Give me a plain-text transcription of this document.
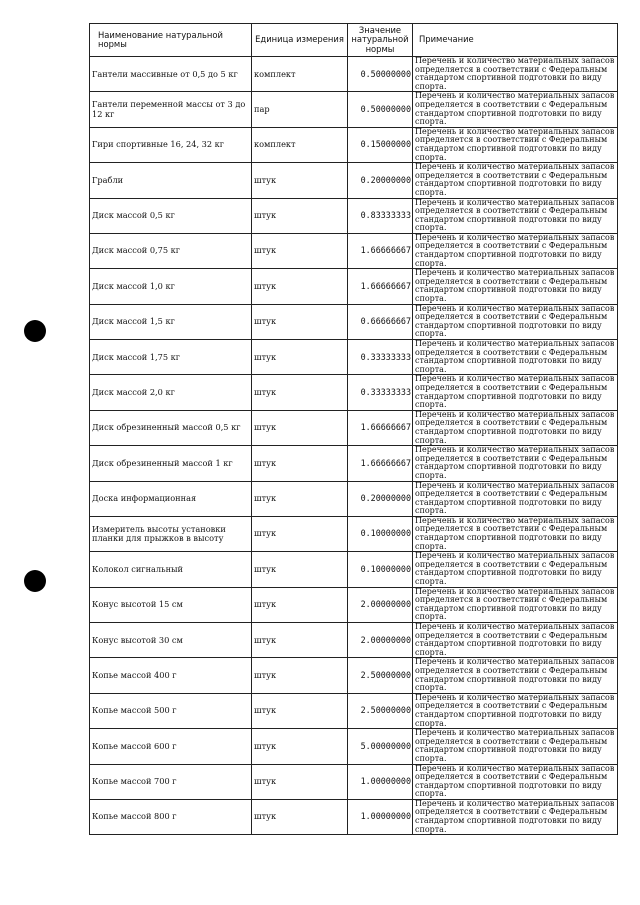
Наименование натуральной нормы	Единица измерения	Значение натуральной нормы	Примечание
Гантели массивные от 0,5 до 5 кг	комплект	0.50000000	Перечень и количество материальных запасов определяется в соответствии с Федеральным стандартом спортивной подготовки по виду спорта.
Гантели переменной массы от 3 до 12 кг	пар	0.50000000	Перечень и количество материальных запасов определяется в соответствии с Федеральным стандартом спортивной подготовки по виду спорта.
Гири спортивные 16, 24, 32 кг	комплект	0.15000000	Перечень и количество материальных запасов определяется в соответствии с Федеральным стандартом спортивной подготовки по виду спорта.
Грабли	штук	0.20000000	Перечень и количество материальных запасов определяется в соответствии с Федеральным стандартом спортивной подготовки по виду спорта.
Диск массой 0,5 кг	штук	0.83333333	Перечень и количество материальных запасов определяется в соответствии с Федеральным стандартом спортивной подготовки по виду спорта.
Диск массой 0,75 кг	штук	1.66666667	Перечень и количество материальных запасов определяется в соответствии с Федеральным стандартом спортивной подготовки по виду спорта.
Диск массой 1,0 кг	штук	1.66666667	Перечень и количество материальных запасов определяется в соответствии с Федеральным стандартом спортивной подготовки по виду спорта.
Диск массой 1,5 кг	штук	0.66666667	Перечень и количество материальных запасов определяется в соответствии с Федеральным стандартом спортивной подготовки по виду спорта.
Диск массой 1,75 кг	штук	0.33333333	Перечень и количество материальных запасов определяется в соответствии с Федеральным стандартом спортивной подготовки по виду спорта.
Диск массой 2,0 кг	штук	0.33333333	Перечень и количество материальных запасов определяется в соответствии с Федеральным стандартом спортивной подготовки по виду спорта.
Диск обрезиненный массой 0,5 кг	штук	1.66666667	Перечень и количество материальных запасов определяется в соответствии с Федеральным стандартом спортивной подготовки по виду спорта.
Диск обрезиненный массой 1 кг	штук	1.66666667	Перечень и количество материальных запасов определяется в соответствии с Федеральным стандартом спортивной подготовки по виду спорта.
Доска информационная	штук	0.20000000	Перечень и количество материальных запасов определяется в соответствии с Федеральным стандартом спортивной подготовки по виду спорта.
Измеритель высоты установки планки для прыжков в высоту	штук	0.10000000	Перечень и количество материальных запасов определяется в соответствии с Федеральным стандартом спортивной подготовки по виду спорта.
Колокол сигнальный	штук	0.10000000	Перечень и количество материальных запасов определяется в соответствии с Федеральным стандартом спортивной подготовки по виду спорта.
Конус высотой 15 см	штук	2.00000000	Перечень и количество материальных запасов определяется в соответствии с Федеральным стандартом спортивной подготовки по виду спорта.
Конус высотой 30 см	штук	2.00000000	Перечень и количество материальных запасов определяется в соответствии с Федеральным стандартом спортивной подготовки по виду спорта.
Копье массой 400 г	штук	2.50000000	Перечень и количество материальных запасов определяется в соответствии с Федеральным стандартом спортивной подготовки по виду спорта.
Копье массой 500 г	штук	2.50000000	Перечень и количество материальных запасов определяется в соответствии с Федеральным стандартом спортивной подготовки по виду спорта.
Копье массой 600 г	штук	5.00000000	Перечень и количество материальных запасов определяется в соответствии с Федеральным стандартом спортивной подготовки по виду спорта.
Копье массой 700 г	штук	1.00000000	Перечень и количество материальных запасов определяется в соответствии с Федеральным стандартом спортивной подготовки по виду спорта.
Копье массой 800 г	штук	1.00000000	Перечень и количество материальных запасов определяется в соответствии с Федеральным стандартом спортивной подготовки по виду спорта.
